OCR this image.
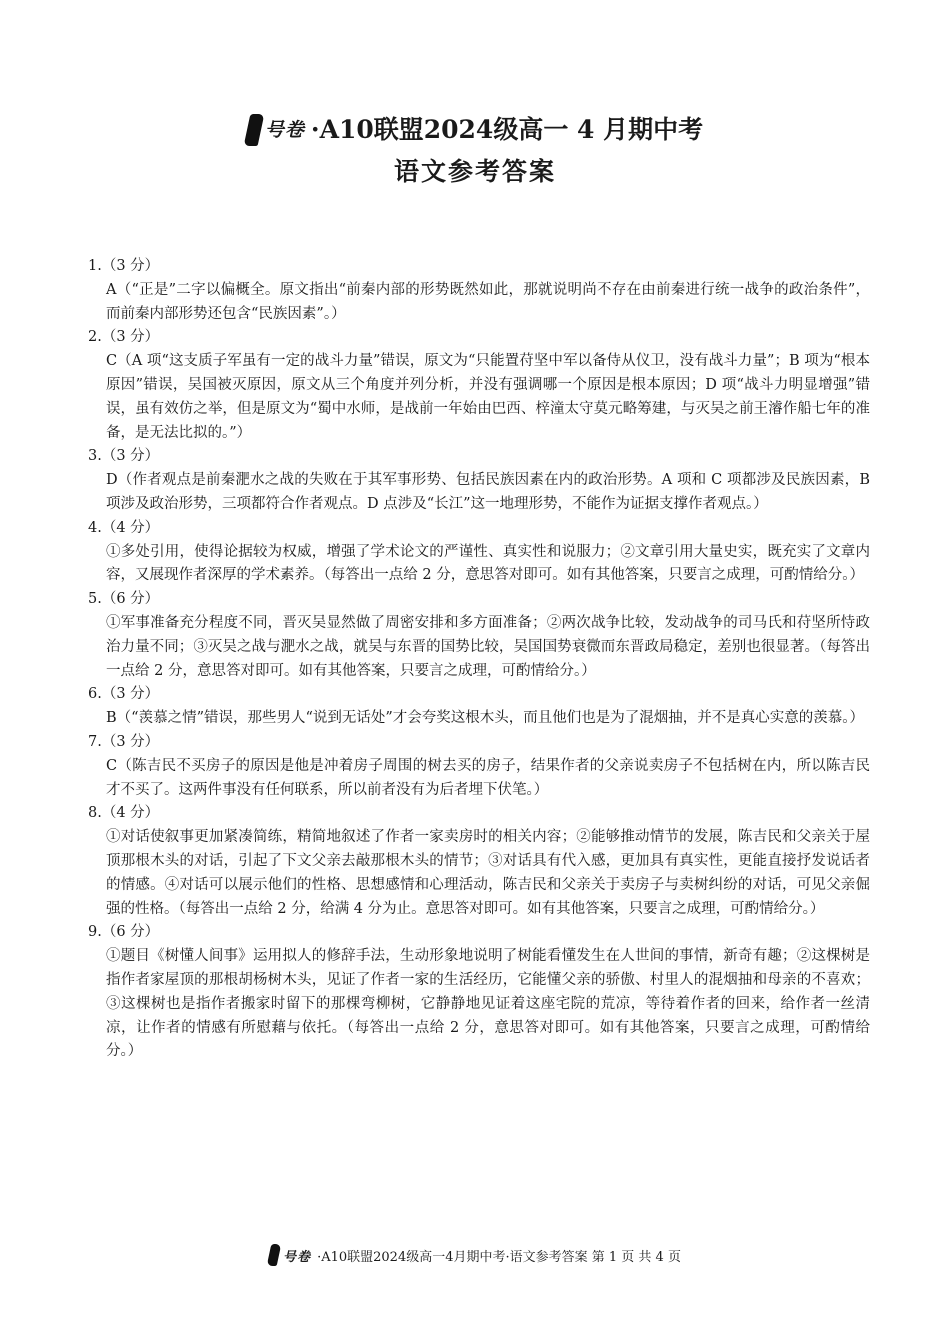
号卷 ·A10联盟2024级高一 4 月期中考
语文参考答案
1.（3 分）
A（“正是”二字以偏概全。原文指出“前秦内部的形势既然如此，那就说明尚不存在由前秦进行统一战争的政治条件”，而前秦内部形势还包含“民族因素”。）
2.（3 分）
C（A 项“这支质子军虽有一定的战斗力量”错误，原文为“只能置苻坚中军以备侍从仪卫，没有战斗力量”；B 项为“根本原因”错误，吴国被灭原因，原文从三个角度并列分析，并没有强调哪一个原因是根本原因；D 项“战斗力明显增强”错误，虽有效仿之举，但是原文为“蜀中水师，是战前一年始由巴西、梓潼太守莫元略筹建，与灭吴之前王濬作船七年的准备，是无法比拟的。”）
3.（3 分）
D（作者观点是前秦淝水之战的失败在于其军事形势、包括民族因素在内的政治形势。A 项和 C 项都涉及民族因素，B 项涉及政治形势，三项都符合作者观点。D 点涉及“长江”这一地理形势，不能作为证据支撑作者观点。）
4.（4 分）
①多处引用，使得论据较为权威，增强了学术论文的严谨性、真实性和说服力；②文章引用大量史实，既充实了文章内容，又展现作者深厚的学术素养。（每答出一点给 2 分，意思答对即可。如有其他答案，只要言之成理，可酌情给分。）
5.（6 分）
①军事准备充分程度不同，晋灭吴显然做了周密安排和多方面准备；②两次战争比较，发动战争的司马氏和苻坚所恃政治力量不同；③灭吴之战与淝水之战，就吴与东晋的国势比较，吴国国势衰微而东晋政局稳定，差别也很显著。（每答出一点给 2 分，意思答对即可。如有其他答案，只要言之成理，可酌情给分。）
6.（3 分）
B（“羡慕之情”错误，那些男人“说到无话处”才会夸奖这根木头，而且他们也是为了混烟抽，并不是真心实意的羡慕。）
7.（3 分）
C（陈吉民不买房子的原因是他是冲着房子周围的树去买的房子，结果作者的父亲说卖房子不包括树在内，所以陈吉民才不买了。这两件事没有任何联系，所以前者没有为后者埋下伏笔。）
8.（4 分）
①对话使叙事更加紧凑简练，精简地叙述了作者一家卖房时的相关内容；②能够推动情节的发展，陈吉民和父亲关于屋顶那根木头的对话，引起了下文父亲去敲那根木头的情节；③对话具有代入感，更加具有真实性，更能直接抒发说话者的情感。④对话可以展示他们的性格、思想感情和心理活动，陈吉民和父亲关于卖房子与卖树纠纷的对话，可见父亲倔强的性格。（每答出一点给 2 分，给满 4 分为止。意思答对即可。如有其他答案，只要言之成理，可酌情给分。）
9.（6 分）
①题目《树懂人间事》运用拟人的修辞手法，生动形象地说明了树能看懂发生在人世间的事情，新奇有趣；②这棵树是指作者家屋顶的那根胡杨树木头，见证了作者一家的生活经历，它能懂父亲的骄傲、村里人的混烟抽和母亲的不喜欢；③这棵树也是指作者搬家时留下的那棵弯柳树，它静静地见证着这座宅院的荒凉，等待着作者的回来，给作者一丝清凉，让作者的情感有所慰藉与依托。（每答出一点给 2 分，意思答对即可。如有其他答案，只要言之成理，可酌情给分。）
号卷 ·A10联盟2024级高一4月期中考·语文参考答案 第 1 页 共 4 页
